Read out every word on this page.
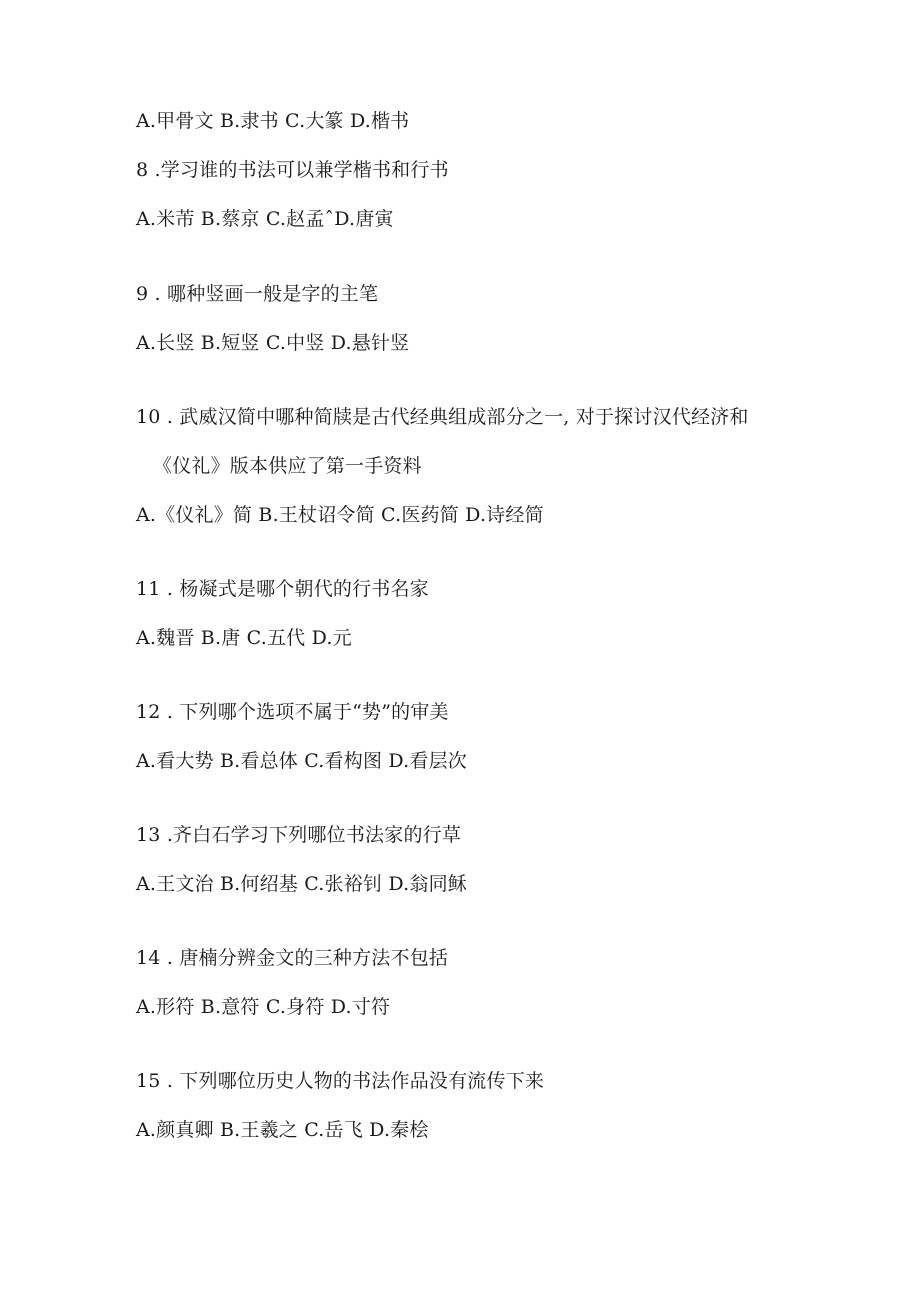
A.甲骨文 B.隶书 C.大篆 D.楷书
8 .学习谁的书法可以兼学楷书和行书
A.米芾 B.蔡京 C.赵孟ˆD.唐寅
9 . 哪种竖画一般是字的主笔
A.长竖 B.短竖 C.中竖 D.悬针竖
10 . 武威汉简中哪种简牍是古代经典组成部分之一, 对于探讨汉代经济和
《仪礼》版本供应了第一手资料
A.《仪礼》简 B.王杖诏令简 C.医药简 D.诗经简
11 . 杨凝式是哪个朝代的行书名家
A.魏晋 B.唐 C.五代 D.元
12 . 下列哪个选项不属于“势”的审美
A.看大势 B.看总体 C.看构图 D.看层次
13 .齐白石学习下列哪位书法家的行草
A.王文治 B.何绍基 C.张裕钊 D.翁同稣
14 . 唐楠分辨金文的三种方法不包括
A.形符 B.意符 C.身符 D.寸符
15 . 下列哪位历史人物的书法作品没有流传下来
A.颜真卿 B.王羲之 C.岳飞 D.秦桧
